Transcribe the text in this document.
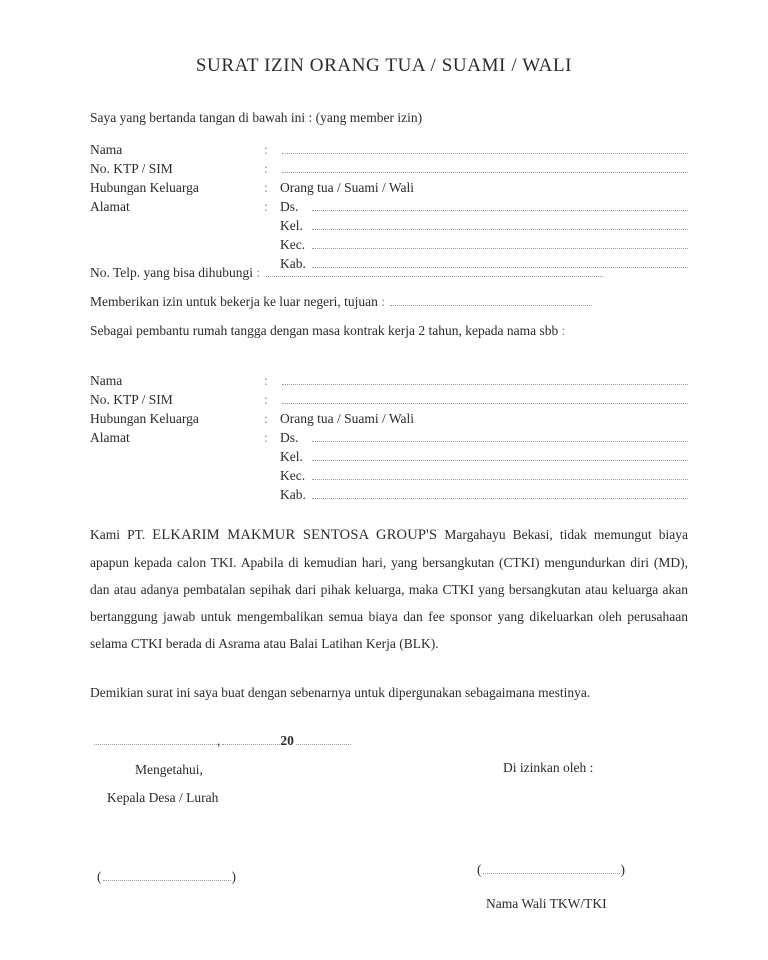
SURAT IZIN ORANG TUA / SUAMI / WALI
Saya yang bertanda tangan di bawah ini : (yang member izin)
Nama	:
No. KTP / SIM	:
Hubungan Keluarga	: Orang tua / Suami / Wali
Alamat	: Ds.
Kel.
Kec.
Kab.
No. Telp. yang bisa dihubungi :
Memberikan izin untuk bekerja ke luar negeri, tujuan :
Sebagai pembantu rumah tangga dengan masa kontrak kerja 2 tahun, kepada nama sbb :
Nama	:
No. KTP / SIM	:
Hubungan Keluarga	: Orang tua / Suami / Wali
Alamat	: Ds.
Kel.
Kec.
Kab.
Kami PT. ELKARIM MAKMUR SENTOSA GROUP'S Margahayu Bekasi, tidak memungut biaya apapun kepada calon TKI. Apabila di kemudian hari, yang bersangkutan (CTKI) mengundurkan diri (MD), dan atau adanya pembatalan sepihak dari pihak keluarga, maka CTKI yang bersangkutan atau keluarga akan bertanggung jawab untuk mengembalikan semua biaya dan fee sponsor yang dikeluarkan oleh perusahaan selama CTKI berada di Asrama atau Balai Latihan Kerja (BLK).
Demikian surat ini saya buat dengan sebenarnya untuk dipergunakan sebagaimana mestinya.
,	20
Mengetahui,
Kepala Desa / Lurah
Di izinkan oleh :
(	)	(	)
Nama Wali TKW/TKI
